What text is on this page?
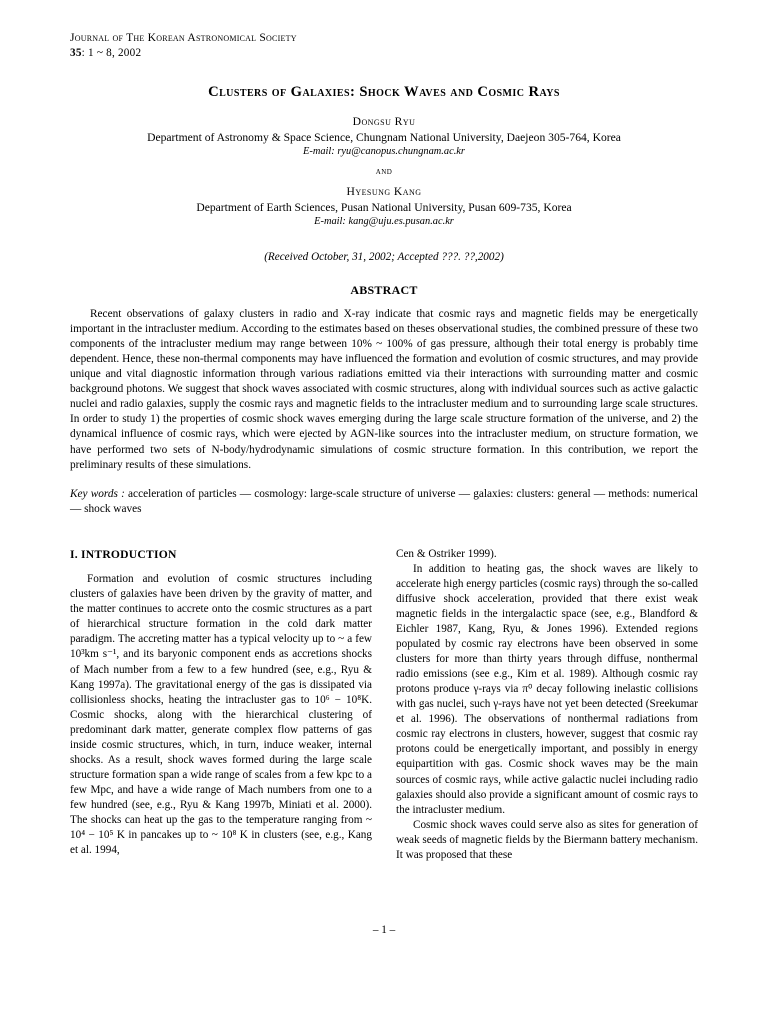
Journal of The Korean Astronomical Society
35: 1 ~ 8, 2002
Clusters of Galaxies: Shock Waves and Cosmic Rays
Dongsu Ryu
Department of Astronomy & Space Science, Chungnam National University, Daejeon 305-764, Korea
E-mail: ryu@canopus.chungnam.ac.kr
and
Hyesung Kang
Department of Earth Sciences, Pusan National University, Pusan 609-735, Korea
E-mail: kang@uju.es.pusan.ac.kr
(Received October, 31, 2002; Accepted ???. ??,2002)
ABSTRACT
Recent observations of galaxy clusters in radio and X-ray indicate that cosmic rays and magnetic fields may be energetically important in the intracluster medium. According to the estimates based on theses observational studies, the combined pressure of these two components of the intracluster medium may range between 10% ~ 100% of gas pressure, although their total energy is probably time dependent. Hence, these non-thermal components may have influenced the formation and evolution of cosmic structures, and may provide unique and vital diagnostic information through various radiations emitted via their interactions with surrounding matter and cosmic background photons. We suggest that shock waves associated with cosmic structures, along with individual sources such as active galactic nuclei and radio galaxies, supply the cosmic rays and magnetic fields to the intracluster medium and to surrounding large scale structures. In order to study 1) the properties of cosmic shock waves emerging during the large scale structure formation of the universe, and 2) the dynamical influence of cosmic rays, which were ejected by AGN-like sources into the intracluster medium, on structure formation, we have performed two sets of N-body/hydrodynamic simulations of cosmic structure formation. In this contribution, we report the preliminary results of these simulations.
Key words : acceleration of particles — cosmology: large-scale structure of universe — galaxies: clusters: general — methods: numerical — shock waves
I. INTRODUCTION

Formation and evolution of cosmic structures including clusters of galaxies have been driven by the gravity of matter, and the matter continues to accrete onto the cosmic structures as a part of hierarchical structure formation in the cold dark matter paradigm. The accreting matter has a typical velocity up to ~ a few 10³km s⁻¹, and its baryonic component ends as accretions shocks of Mach number from a few to a few hundred (see, e.g., Ryu & Kang 1997a). The gravitational energy of the gas is dissipated via collisionless shocks, heating the intracluster gas to 10⁶ − 10⁸K. Cosmic shocks, along with the hierarchical clustering of predominant dark matter, generate complex flow patterns of gas inside cosmic structures, which, in turn, induce weaker, internal shocks. As a result, shock waves formed during the large scale structure formation span a wide range of scales from a few kpc to a few Mpc, and have a wide range of Mach numbers from one to a few hundred (see, e.g., Ryu & Kang 1997b, Miniati et al. 2000). The shocks can heat up the gas to the temperature ranging from ~ 10⁴ − 10⁵ K in pancakes up to ~ 10⁸ K in clusters (see, e.g., Kang et al. 1994,

Cen & Ostriker 1999).

In addition to heating gas, the shock waves are likely to accelerate high energy particles (cosmic rays) through the so-called diffusive shock acceleration, provided that there exist weak magnetic fields in the intergalactic space (see, e.g., Blandford & Eichler 1987, Kang, Ryu, & Jones 1996). Extended regions populated by cosmic ray electrons have been observed in some clusters for more than thirty years through diffuse, nonthermal radio emissions (see e.g., Kim et al. 1989). Although cosmic ray protons produce γ-rays via π⁰ decay following inelastic collisions with gas nuclei, such γ-rays have not yet been detected (Sreekumar et al. 1996). The observations of nonthermal radiations from cosmic ray electrons in clusters, however, suggest that cosmic ray protons could be energetically important, and possibly in energy equipartition with gas. Cosmic shock waves may be the main sources of cosmic rays, while active galactic nuclei including radio galaxies should also provide a significant amount of cosmic rays to the intracluster medium.

Cosmic shock waves could serve also as sites for generation of weak seeds of magnetic fields by the Biermann battery mechanism. It was proposed that these

– 1 –
